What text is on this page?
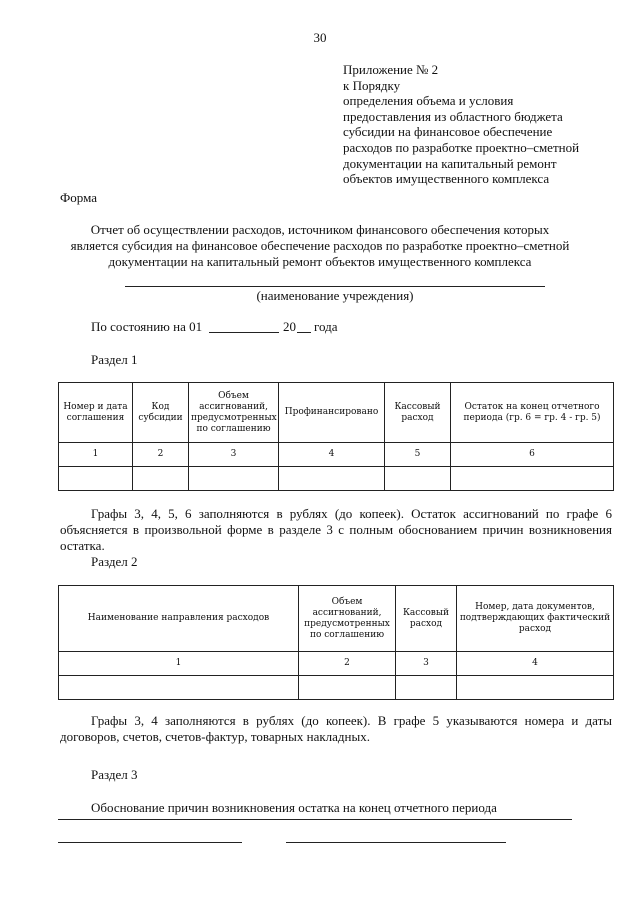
30
Приложение № 2
к Порядку
определения объема и условия
предоставления из областного бюджета
субсидии на финансовое обеспечение
расходов по разработке проектно–сметной
документации на капитальный ремонт
объектов имущественного комплекса
Форма
Отчет об осуществлении расходов, источником финансового обеспечения которых
является субсидия на финансовое обеспечение расходов по разработке проектно–сметной
документации на капитальный ремонт объектов имущественного комплекса
(наименование учреждения)
По состоянию на 01	20 года
Раздел 1
Номер и дата соглашения	Код субсидии	Объем ассигнований, предусмотренных по соглашению	Профинансировано	Кассовый расход	Остаток на конец отчетного периода (гр. 6 = гр. 4 - гр. 5)
1	2	3	4	5	6

Графы 3, 4, 5, 6 заполняются в рублях (до копеек). Остаток ассигнований по графе 6 объясняется в произвольной форме в разделе 3 с полным обоснованием причин возникновения остатка.
Раздел 2
Наименование направления расходов	Объем ассигнований, предусмотренных по соглашению	Кассовый расход	Номер, дата документов, подтверждающих фактический расход
1	2	3	4

Графы 3, 4 заполняются в рублях (до копеек). В графе 5 указываются номера и даты договоров, счетов, счетов-фактур, товарных накладных.
Раздел 3
Обоснование причин возникновения остатка на конец отчетного периода
